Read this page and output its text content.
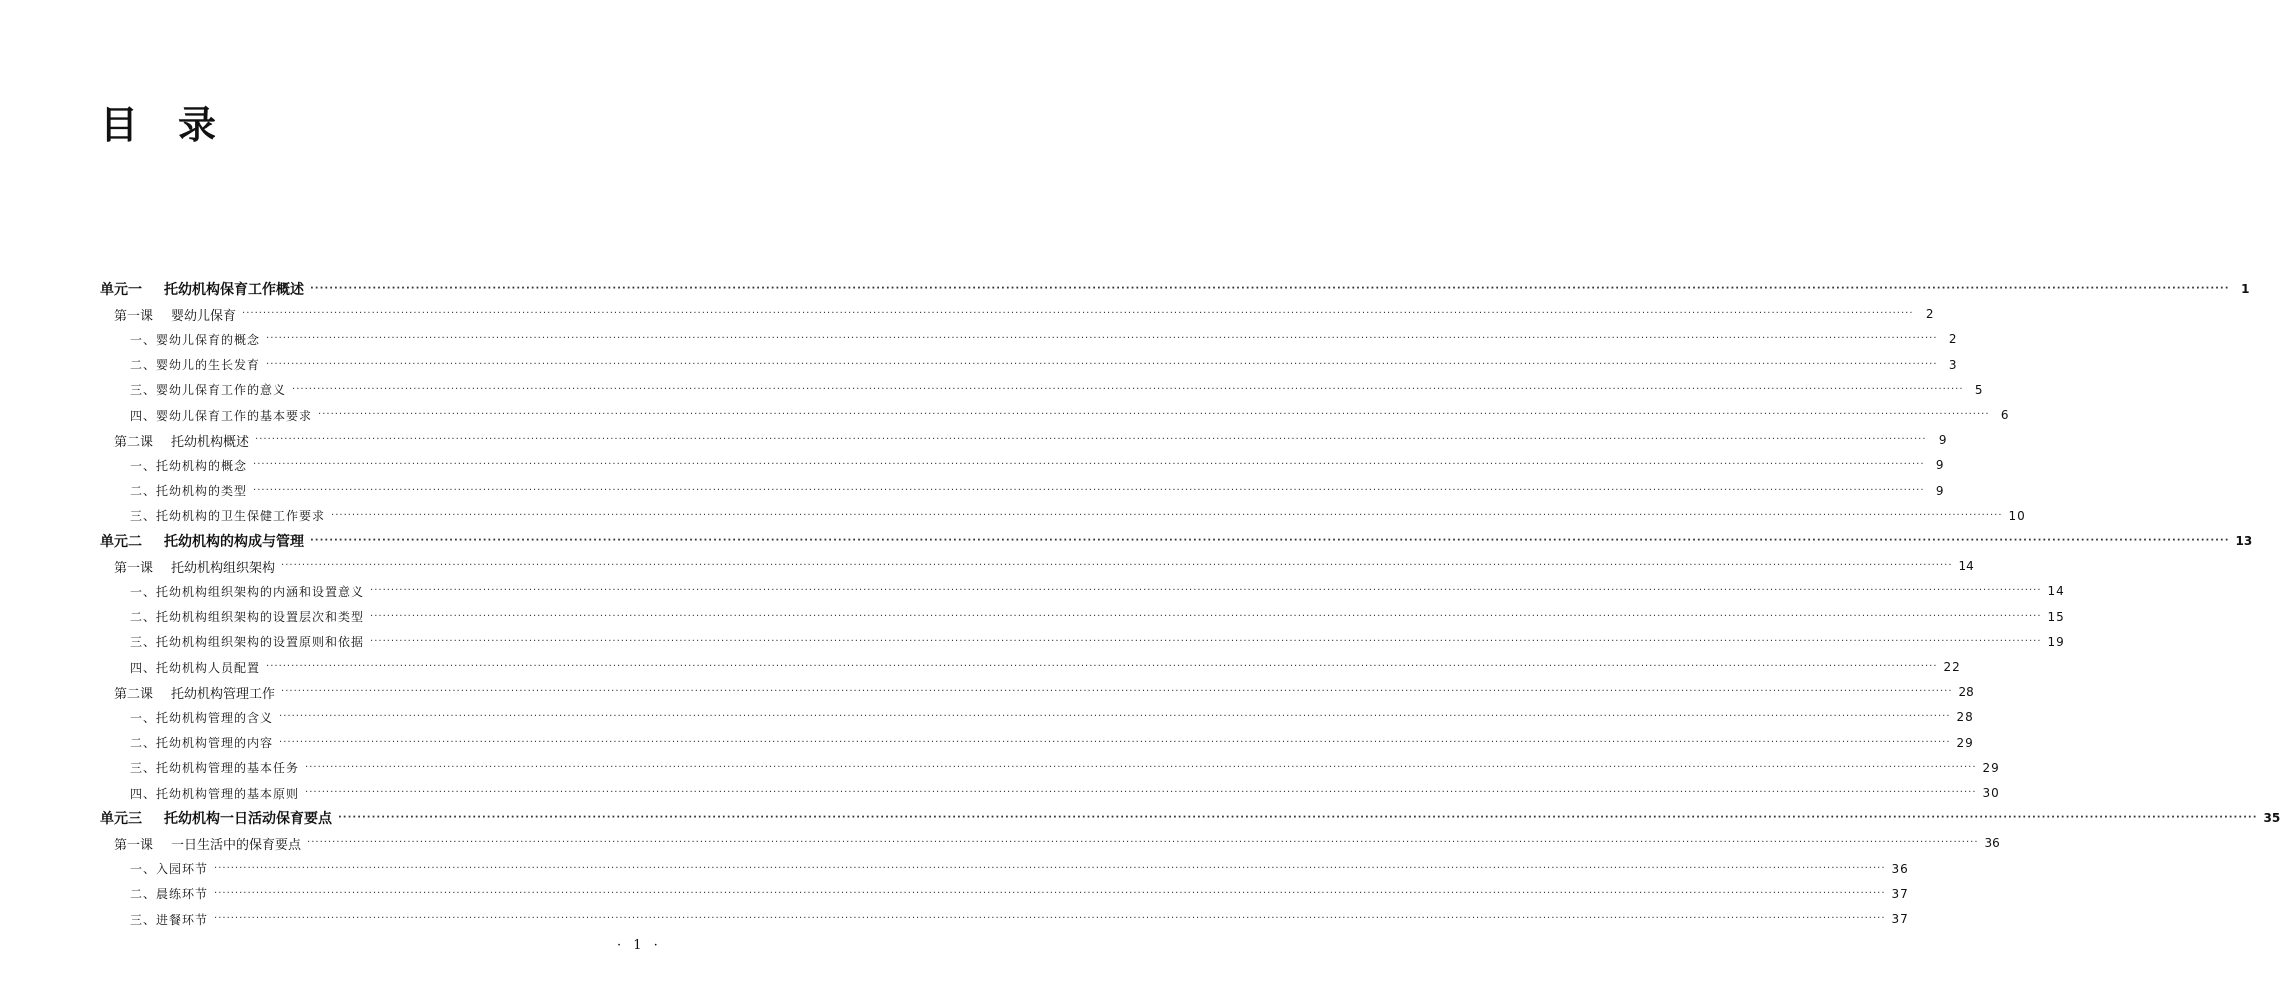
目 录
单元一 托幼机构保育工作概述 ················································································································································································································································································································································································································ 1
第一课 婴幼儿保育 ················································································································································································································································································································································································································	2
一、 婴幼儿保育的概念 ················································································································································································································································································································································································································ 2
二、 婴幼儿的生长发育 ················································································································································································································································································································································································································ 3
三、 婴幼儿保育工作的意义 ················································································································································································································································································································································································································ 5
四、 婴幼儿保育工作的基本要求 ················································································································································································································································································································································································································ 6
第二课 托幼机构概述 ················································································································································································································································································································································································································	9
一、 托幼机构的概念 ················································································································································································································································································································································································································ 9
二、 托幼机构的类型 ················································································································································································································································································································································································································ 9
三、 托幼机构的卫生保健工作要求 ················································································································································································································································································································································································································ 10
单元二 托幼机构的构成与管理 ················································································································································································································································································································································································································ 13
第一课 托幼机构组织架构 ················································································································································································································································································································································································································ 14
一、 托幼机构组织架构的内涵和设置意义 ················································································································································································································································································································································································································ 14
二、 托幼机构组织架构的设置层次和类型 ················································································································································································································································································································································································································ 15
三、 托幼机构组织架构的设置原则和依据 ················································································································································································································································································································································································································ 19
四、 托幼机构人员配置 ················································································································································································································································································································································································································ 22
第二课 托幼机构管理工作 ················································································································································································································································································································································································································ 28
一、 托幼机构管理的含义 ················································································································································································································································································································································································································ 28
二、 托幼机构管理的内容 ················································································································································································································································································································································································································ 29
三、 托幼机构管理的基本任务 ················································································································································································································································································································································································································ 29
四、 托幼机构管理的基本原则 ················································································································································································································································································································································································································ 30
单元三 托幼机构一日活动保育要点 ················································································································································································································································································································································································································ 35
第一课 一日生活中的保育要点 ················································································································································································································································································································································································································ 36
一、 入园环节 ················································································································································································································································································································································································································ 36
二、 晨练环节 ················································································································································································································································································································································································································ 37
三、 进餐环节 ················································································································································································································································································································································································································ 37
· 1 ·
